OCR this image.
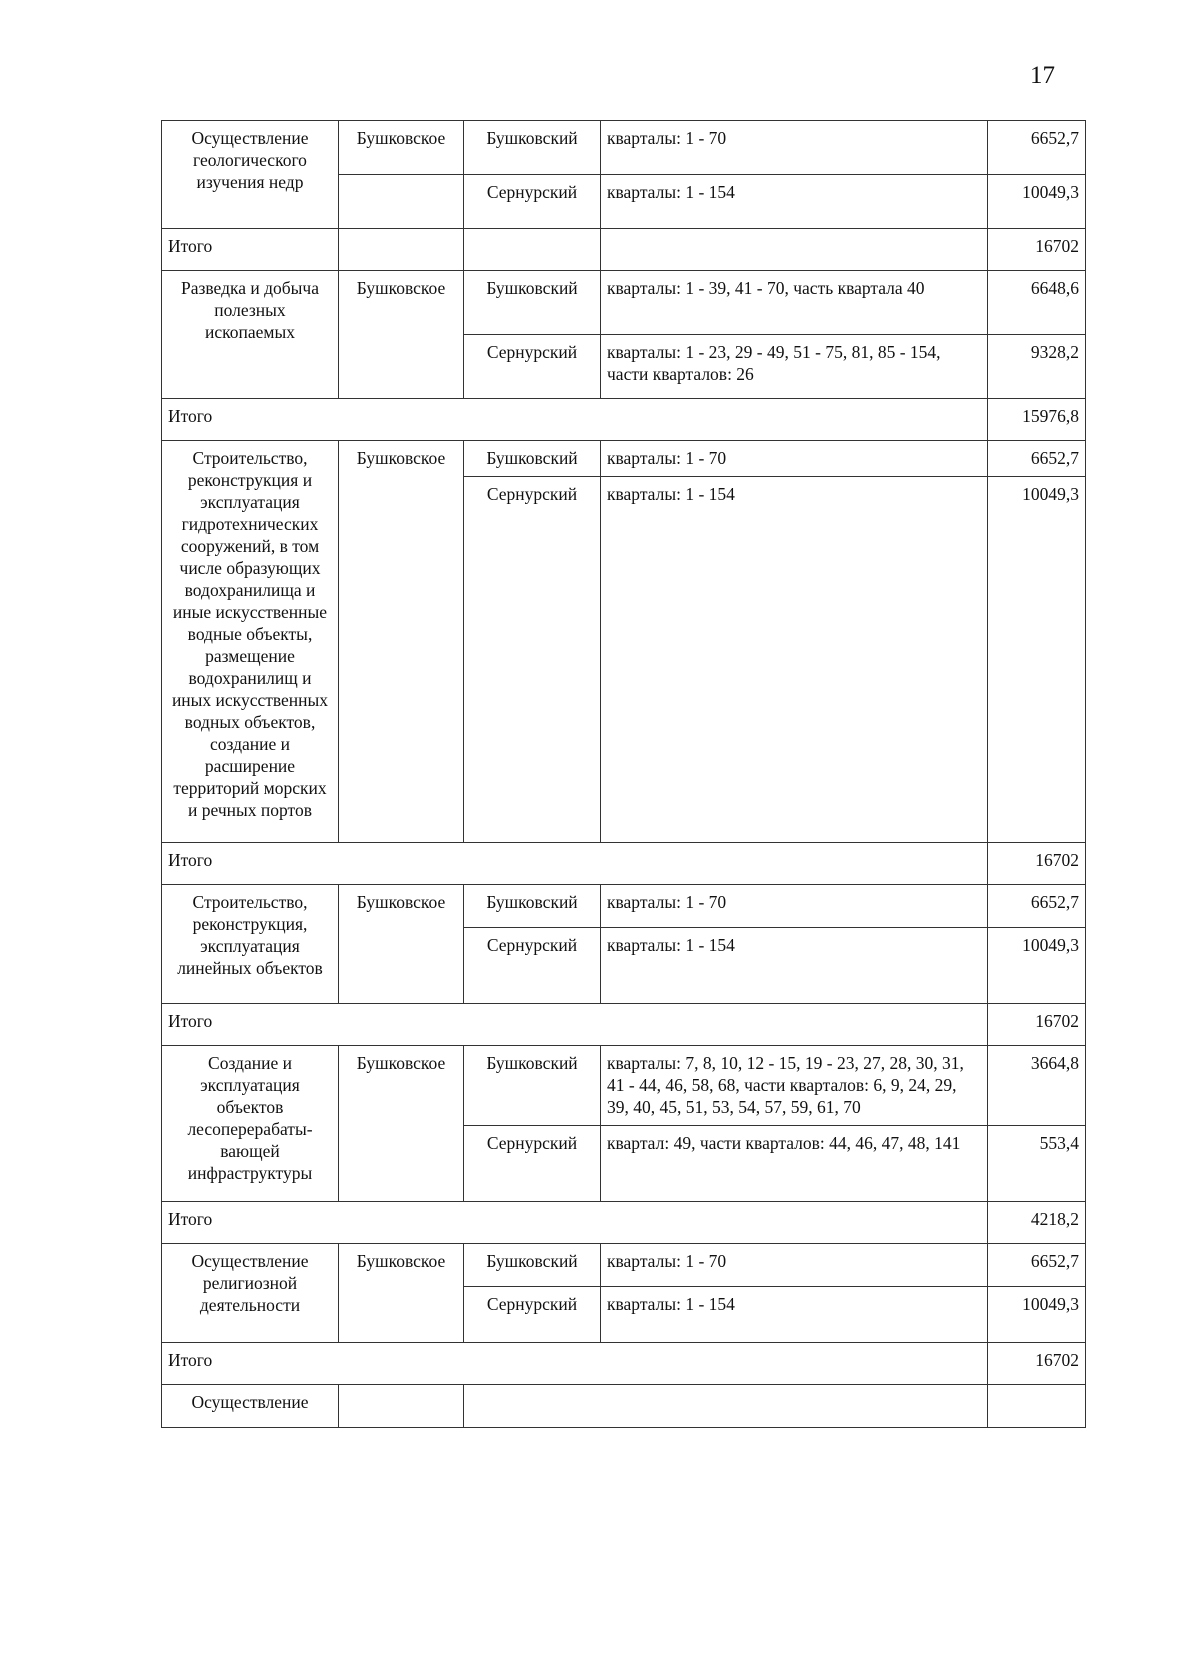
17
Осуществление геологического изучения недр	Бушковское	Бушковский	кварталы: 1 - 70	6652,7
		Сернурский	кварталы: 1 - 154	10049,3
Итого				16702
Разведка и добыча полезных ископаемых	Бушковское	Бушковский	кварталы: 1 - 39, 41 - 70, часть квартала 40	6648,6
		Сернурский	кварталы: 1 - 23, 29 - 49, 51 - 75, 81, 85 - 154, части кварталов: 26	9328,2
Итого				15976,8
Строительство, реконструкция и эксплуатация гидротехнических сооружений, в том числе образующих водохранилища и иные искусственные водные объекты, размещение водохранилищ и иных искусственных водных объектов, создание и расширение территорий морских и речных портов	Бушковское	Бушковский	кварталы: 1 - 70	6652,7
		Сернурский	кварталы: 1 - 154	10049,3
Итого				16702
Строительство, реконструкция, эксплуатация линейных объектов	Бушковское	Бушковский	кварталы: 1 - 70	6652,7
		Сернурский	кварталы: 1 - 154	10049,3
Итого				16702
Создание и эксплуатация объектов лесоперерабаты-вающей инфраструктуры	Бушковское	Бушковский	кварталы: 7, 8, 10, 12 - 15, 19 - 23, 27, 28, 30, 31, 41 - 44, 46, 58, 68, части кварталов: 6, 9, 24, 29, 39, 40, 45, 51, 53, 54, 57, 59, 61, 70	3664,8
		Сернурский	квартал: 49, части кварталов: 44, 46, 47, 48, 141	553,4
Итого				4218,2
Осуществление религиозной деятельности	Бушковское	Бушковский	кварталы: 1 - 70	6652,7
		Сернурский	кварталы: 1 - 154	10049,3
Итого				16702
Осуществление				
